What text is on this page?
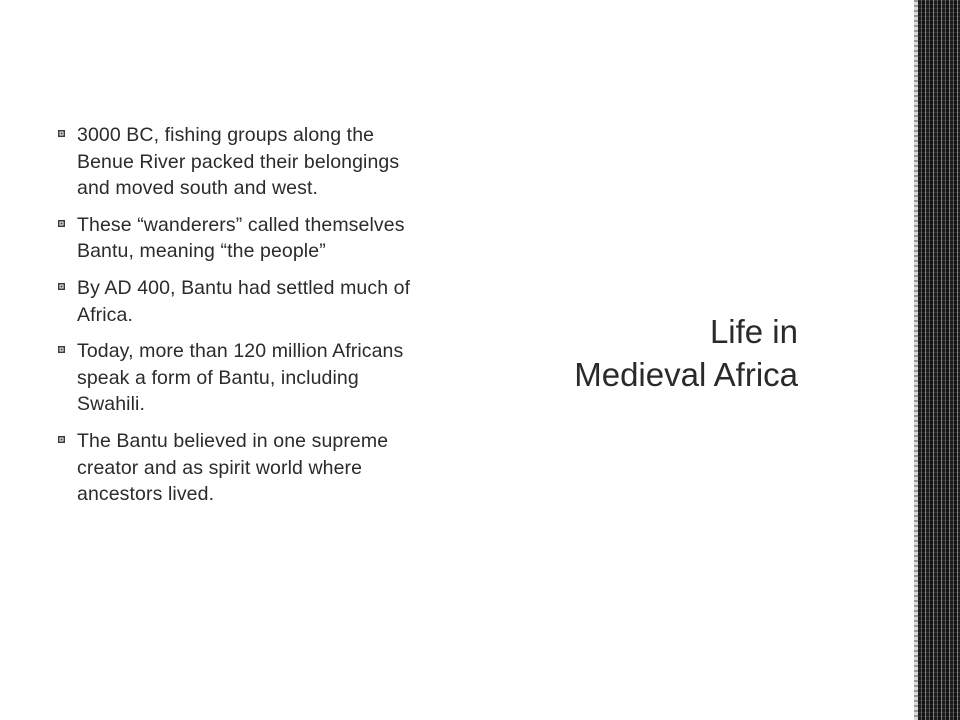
3000 BC, fishing groups along the Benue River packed their belongings and moved south and west.
These “wanderers” called themselves Bantu, meaning “the people”
By AD 400, Bantu had settled much of Africa.
Today, more than 120 million Africans speak a form of Bantu, including Swahili.
The Bantu believed in one supreme creator and as spirit world where ancestors lived.
Life in
Medieval Africa
